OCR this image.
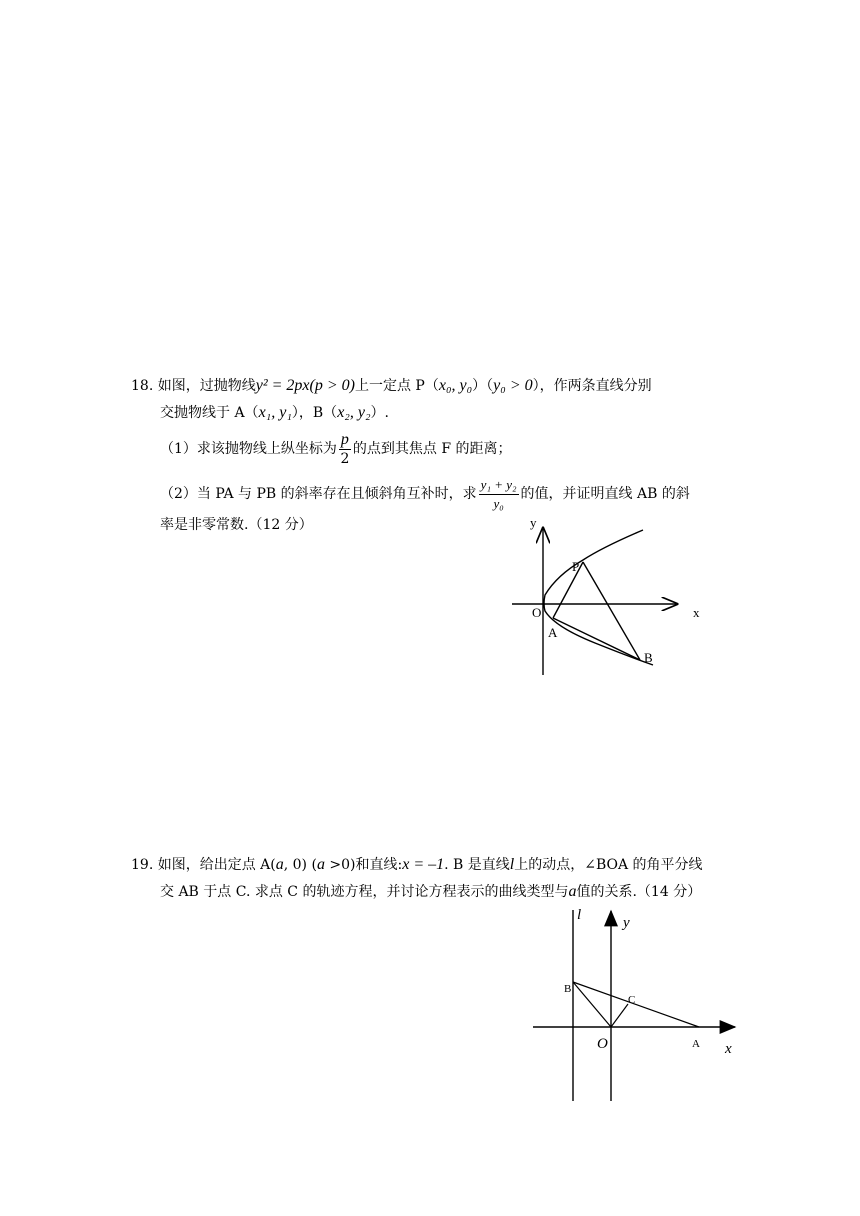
18. 如图，过抛物线y² = 2px(p > 0)上一定点 P（x₀, y₀）（y₀ > 0），作两条直线分别
交抛物线于 A（x₁, y₁），B（x₂, y₂）.
（1）求该抛物线上纵坐标为 $\frac{p}{2}$ 的点到其焦点 F 的距离；
（2）当 PA 与 PB 的斜率存在且倾斜角互补时，求 $\frac{\text{y₁ + y₂}}{\text{y₀}}$ 的值，并证明直线 AB 的斜
率是非零常数.（12 分）	y
x
O
P
A
B
19. 如图，给出定点 A(a, 0) (a >0)和直线:x = –1. B 是直线l上的动点，∠BOA 的角平分线
交 AB 于点 C. 求点 C 的轨迹方程，并讨论方程表示的曲线类型与a值的关系.（14 分）
l	y
B
C
O	A x
